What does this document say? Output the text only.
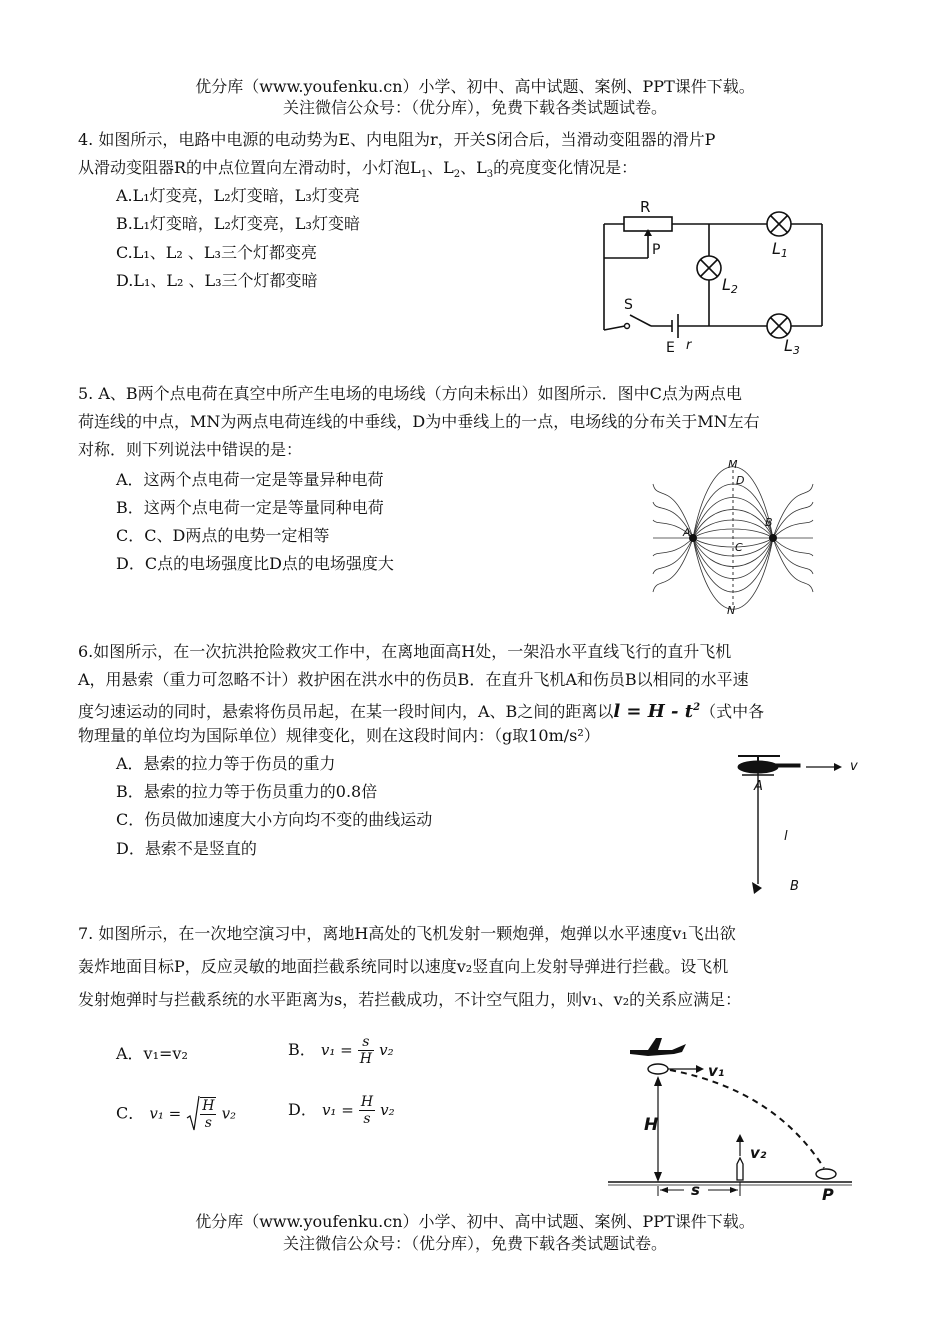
优分库（www.youfenku.cn）小学、初中、高中试题、案例、PPT课件下载。
关注微信公众号：（优分库），免费下载各类试题试卷。
4. 如图所示，电路中电源的电动势为E、内电阻为r，开关S闭合后，当滑动变阻器的滑片P
从滑动变阻器R的中点位置向左滑动时，小灯泡$L_1$、$L_2$、$L_3$的亮度变化情况是：
A.L₁灯变亮，L₂灯变暗，L₃灯变亮
B.L₁灯变暗，L₂灯变亮，L₃灯变暗
C.L₁、L₂ 、L₃三个灯都变亮
D.L₁、L₂ 、L₃三个灯都变暗
R
P
S
E r
L1
L2
L3
5. A、B两个点电荷在真空中所产生电场的电场线（方向未标出）如图所示．图中C点为两点电
荷连线的中点，MN为两点电荷连线的中垂线，D为中垂线上的一点，电场线的分布关于MN左右
对称．则下列说法中错误的是：
A．这两个点电荷一定是等量异种电荷
B．这两个点电荷一定是等量同种电荷
C．C、D两点的电势一定相等
D．C点的电场强度比D点的电场强度大
M
D
A
B
C
N
6.如图所示，在一次抗洪抢险救灾工作中，在离地面高H处，一架沿水平直线飞行的直升飞机
A，用悬索（重力可忽略不计）救护困在洪水中的伤员B．在直升飞机A和伤员B以相同的水平速
度匀速运动的同时，悬索将伤员吊起，在某一段时间内，A、B之间的距离以$l = H - t^2$（式中各
物理量的单位均为国际单位）规律变化，则在这段时间内：（g取10m/s²）
A．悬索的拉力等于伤员的重力
B．悬索的拉力等于伤员重力的0.8倍
C．伤员做加速度大小方向均不变的曲线运动
D．悬索不是竖直的
v
A
l
B
7. 如图所示，在一次地空演习中，离地H高处的飞机发射一颗炮弹，炮弹以水平速度v₁飞出欲
轰炸地面目标P，反应灵敏的地面拦截系统同时以速度v₂竖直向上发射导弹进行拦截。设飞机
发射炮弹时与拦截系统的水平距离为s，若拦截成功，不计空气阻力，则v₁、v₂的关系应满足：
A．v₁=v₂	B． $v_1 = \frac{s}{H} v_2$
C． $v_1 = \frac{H}{s} v_2$	D． $v_1 = \frac{H}{s} v_2$
v₁
v₂
H
s	P
优分库（www.youfenku.cn）小学、初中、高中试题、案例、PPT课件下载。
关注微信公众号：（优分库），免费下载各类试题试卷。
